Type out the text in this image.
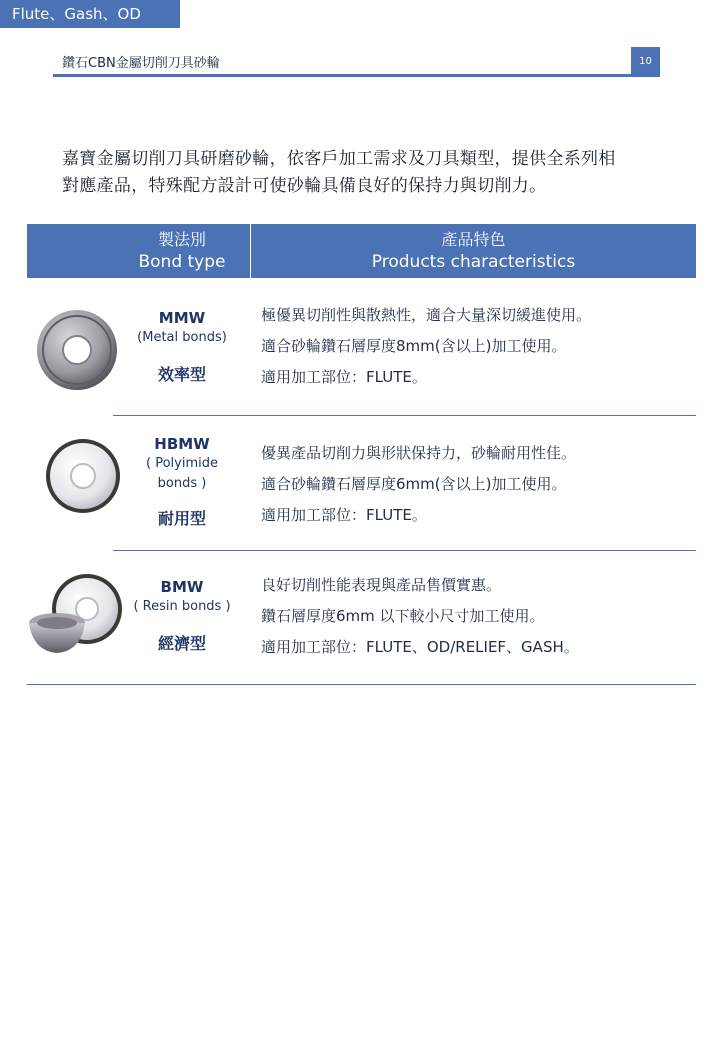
Flute、Gash、OD
鑽石CBN金屬切削刀具砂輪	10
嘉寶金屬切削刀具研磨砂輪，依客戶加工需求及刀具類型，提供全系列相
對應產品，特殊配方設計可使砂輪具備良好的保持力與切削力。
製法別
Bond type
產品特色
Products characteristics
MMW
(Metal bonds)
效率型
極優異切削性與散熱性，適合大量深切緩進使用。
適合砂輪鑽石層厚度8mm(含以上)加工使用。
適用加工部位：FLUTE。
HBMW
( Polyimide
bonds )
耐用型
優異產品切削力與形狀保持力，砂輪耐用性佳。
適合砂輪鑽石層厚度6mm(含以上)加工使用。
適用加工部位：FLUTE。
BMW
( Resin bonds )
經濟型
良好切削性能表現與產品售價實惠。
鑽石層厚度6mm 以下較小尺寸加工使用。
適用加工部位：FLUTE、OD/RELIEF、GASH。
